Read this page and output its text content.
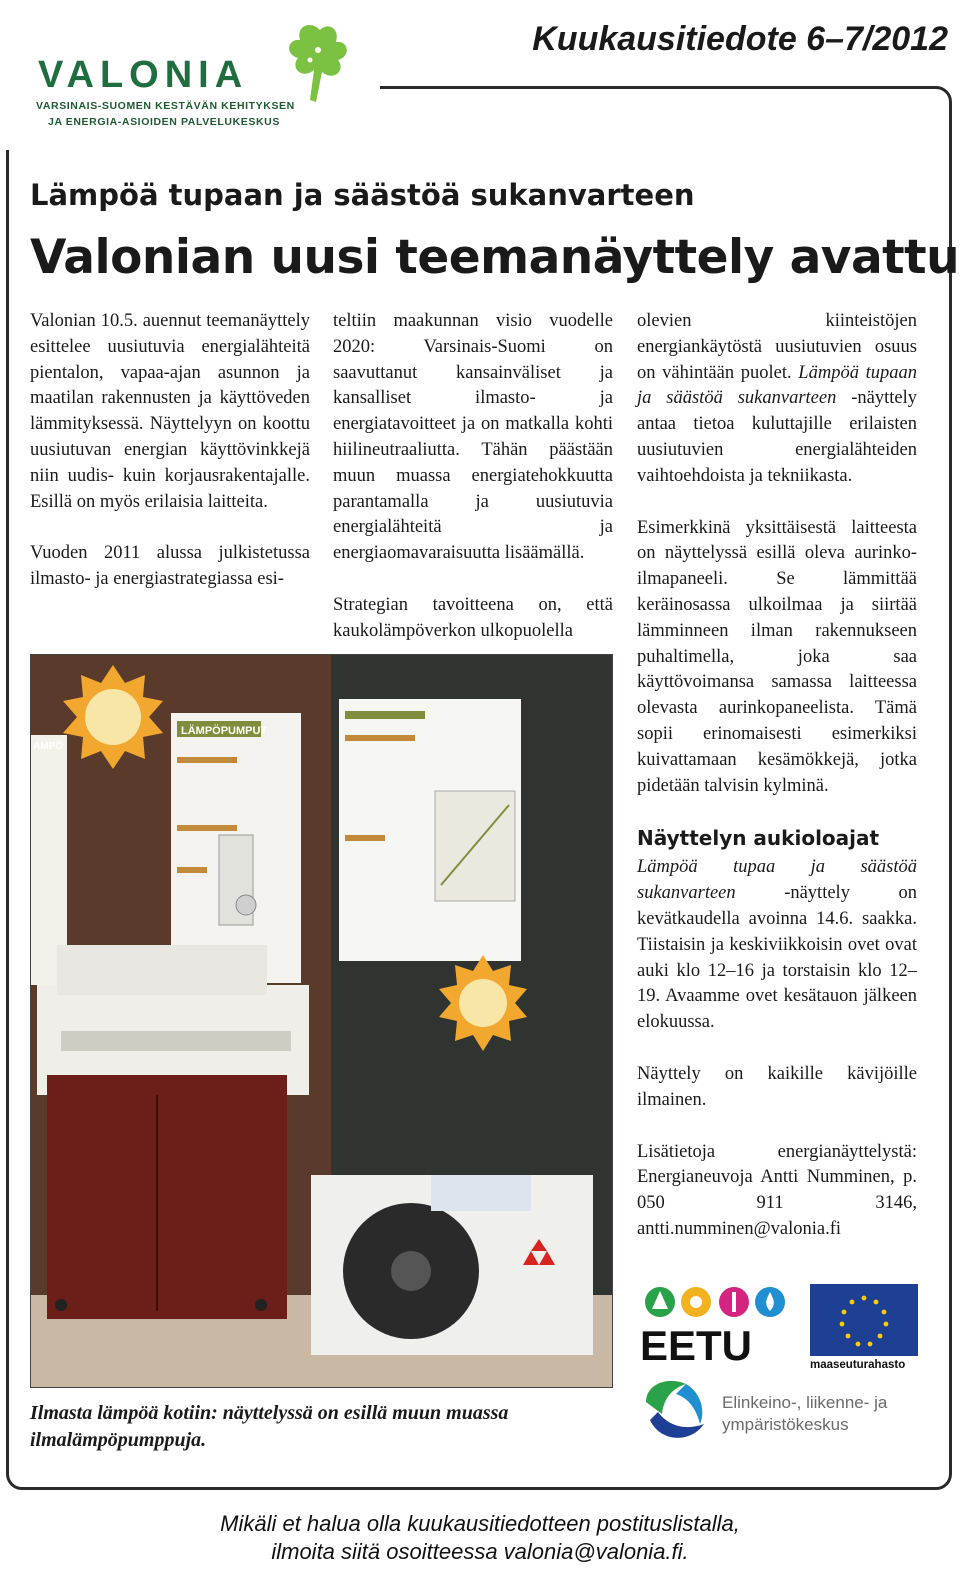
VALONIA
VARSINAIS-SUOMEN KESTÄVÄN KEHITYKSEN
JA ENERGIA-ASIOIDEN PALVELUKESKUS
Kuukausitiedote 6–7/2012
Lämpöä tupaan ja säästöä sukanvarteen
Valonian uusi teemanäyttely avattu

Valonian 10.5. auennut teemanäyttely esittelee uusiutuvia energialähteitä pientalon, vapaa-ajan asunnon ja maatilan rakennusten ja käyttöveden lämmityksessä. Näyttelyyn on koottu uusiutuvan energian käyttövinkkejä niin uudis- kuin korjausrakentajalle. Esillä on myös erilaisia laitteita.

Vuoden 2011 alussa julkistetussa ilmasto- ja energiastrategiassa esi-

teltiin maakunnan visio vuodelle 2020: Varsinais-Suomi on saavuttanut kansainväliset ja kansalliset ilmasto- ja energiatavoitteet ja on matkalla kohti hiilineutraaliutta. Tähän päästään muun muassa energiatehokkuutta parantamalla ja uusiutuvia energialähteitä ja energiaomavaraisuutta lisäämällä.

Strategian tavoitteena on, että kaukolämpöverkon ulkopuolella

olevien kiinteistöjen energiankäytöstä uusiutuvien osuus on vähintään puolet. Lämpöä tupaan ja säästöä sukanvarteen -näyttely antaa tietoa kuluttajille erilaisten uusiutuvien energialähteiden vaihtoehdoista ja tekniikasta.

Esimerkkinä yksittäisestä laitteesta on näyttelyssä esillä oleva aurinko-ilmapaneeli. Se lämmittää keräinosassa ulkoilmaa ja siirtää lämminneen ilman rakennukseen puhaltimella, joka saa käyttövoimansa samassa laitteessa olevasta aurinkopaneelista. Tämä sopii erinomaisesti esimerkiksi kuivattamaan kesämökkejä, jotka pidetään talvisin kylminä.

Näyttelyn aukioloajat

Lämpöä tupaa ja säästöä sukanvarteen -näyttely on kevätkaudella avoinna 14.6. saakka. Tiistaisin ja keskiviikkoisin ovet ovat auki klo 12–16 ja torstaisin klo 12–19. Avaamme ovet kesätauon jälkeen elokuussa.

Näyttely on kaikille kävijöille ilmainen.

Lisätietoja energianäyttelystä: Energianeuvoja Antti Numminen, p. 050 911 3146, antti.numminen@valonia.fi

LÄMPÖPUMPUT
AMPÖ
Ilmasta lämpöä kotiin: näyttelyssä on esillä muun muassa ilmalämpöpumppuja.
EETU	maaseuturahasto
Elinkeino-, liikenne- ja
ympäristökeskus
Mikäli et halua olla kuukausitiedotteen postituslistalla,
ilmoita siitä osoitteessa valonia@valonia.fi.
